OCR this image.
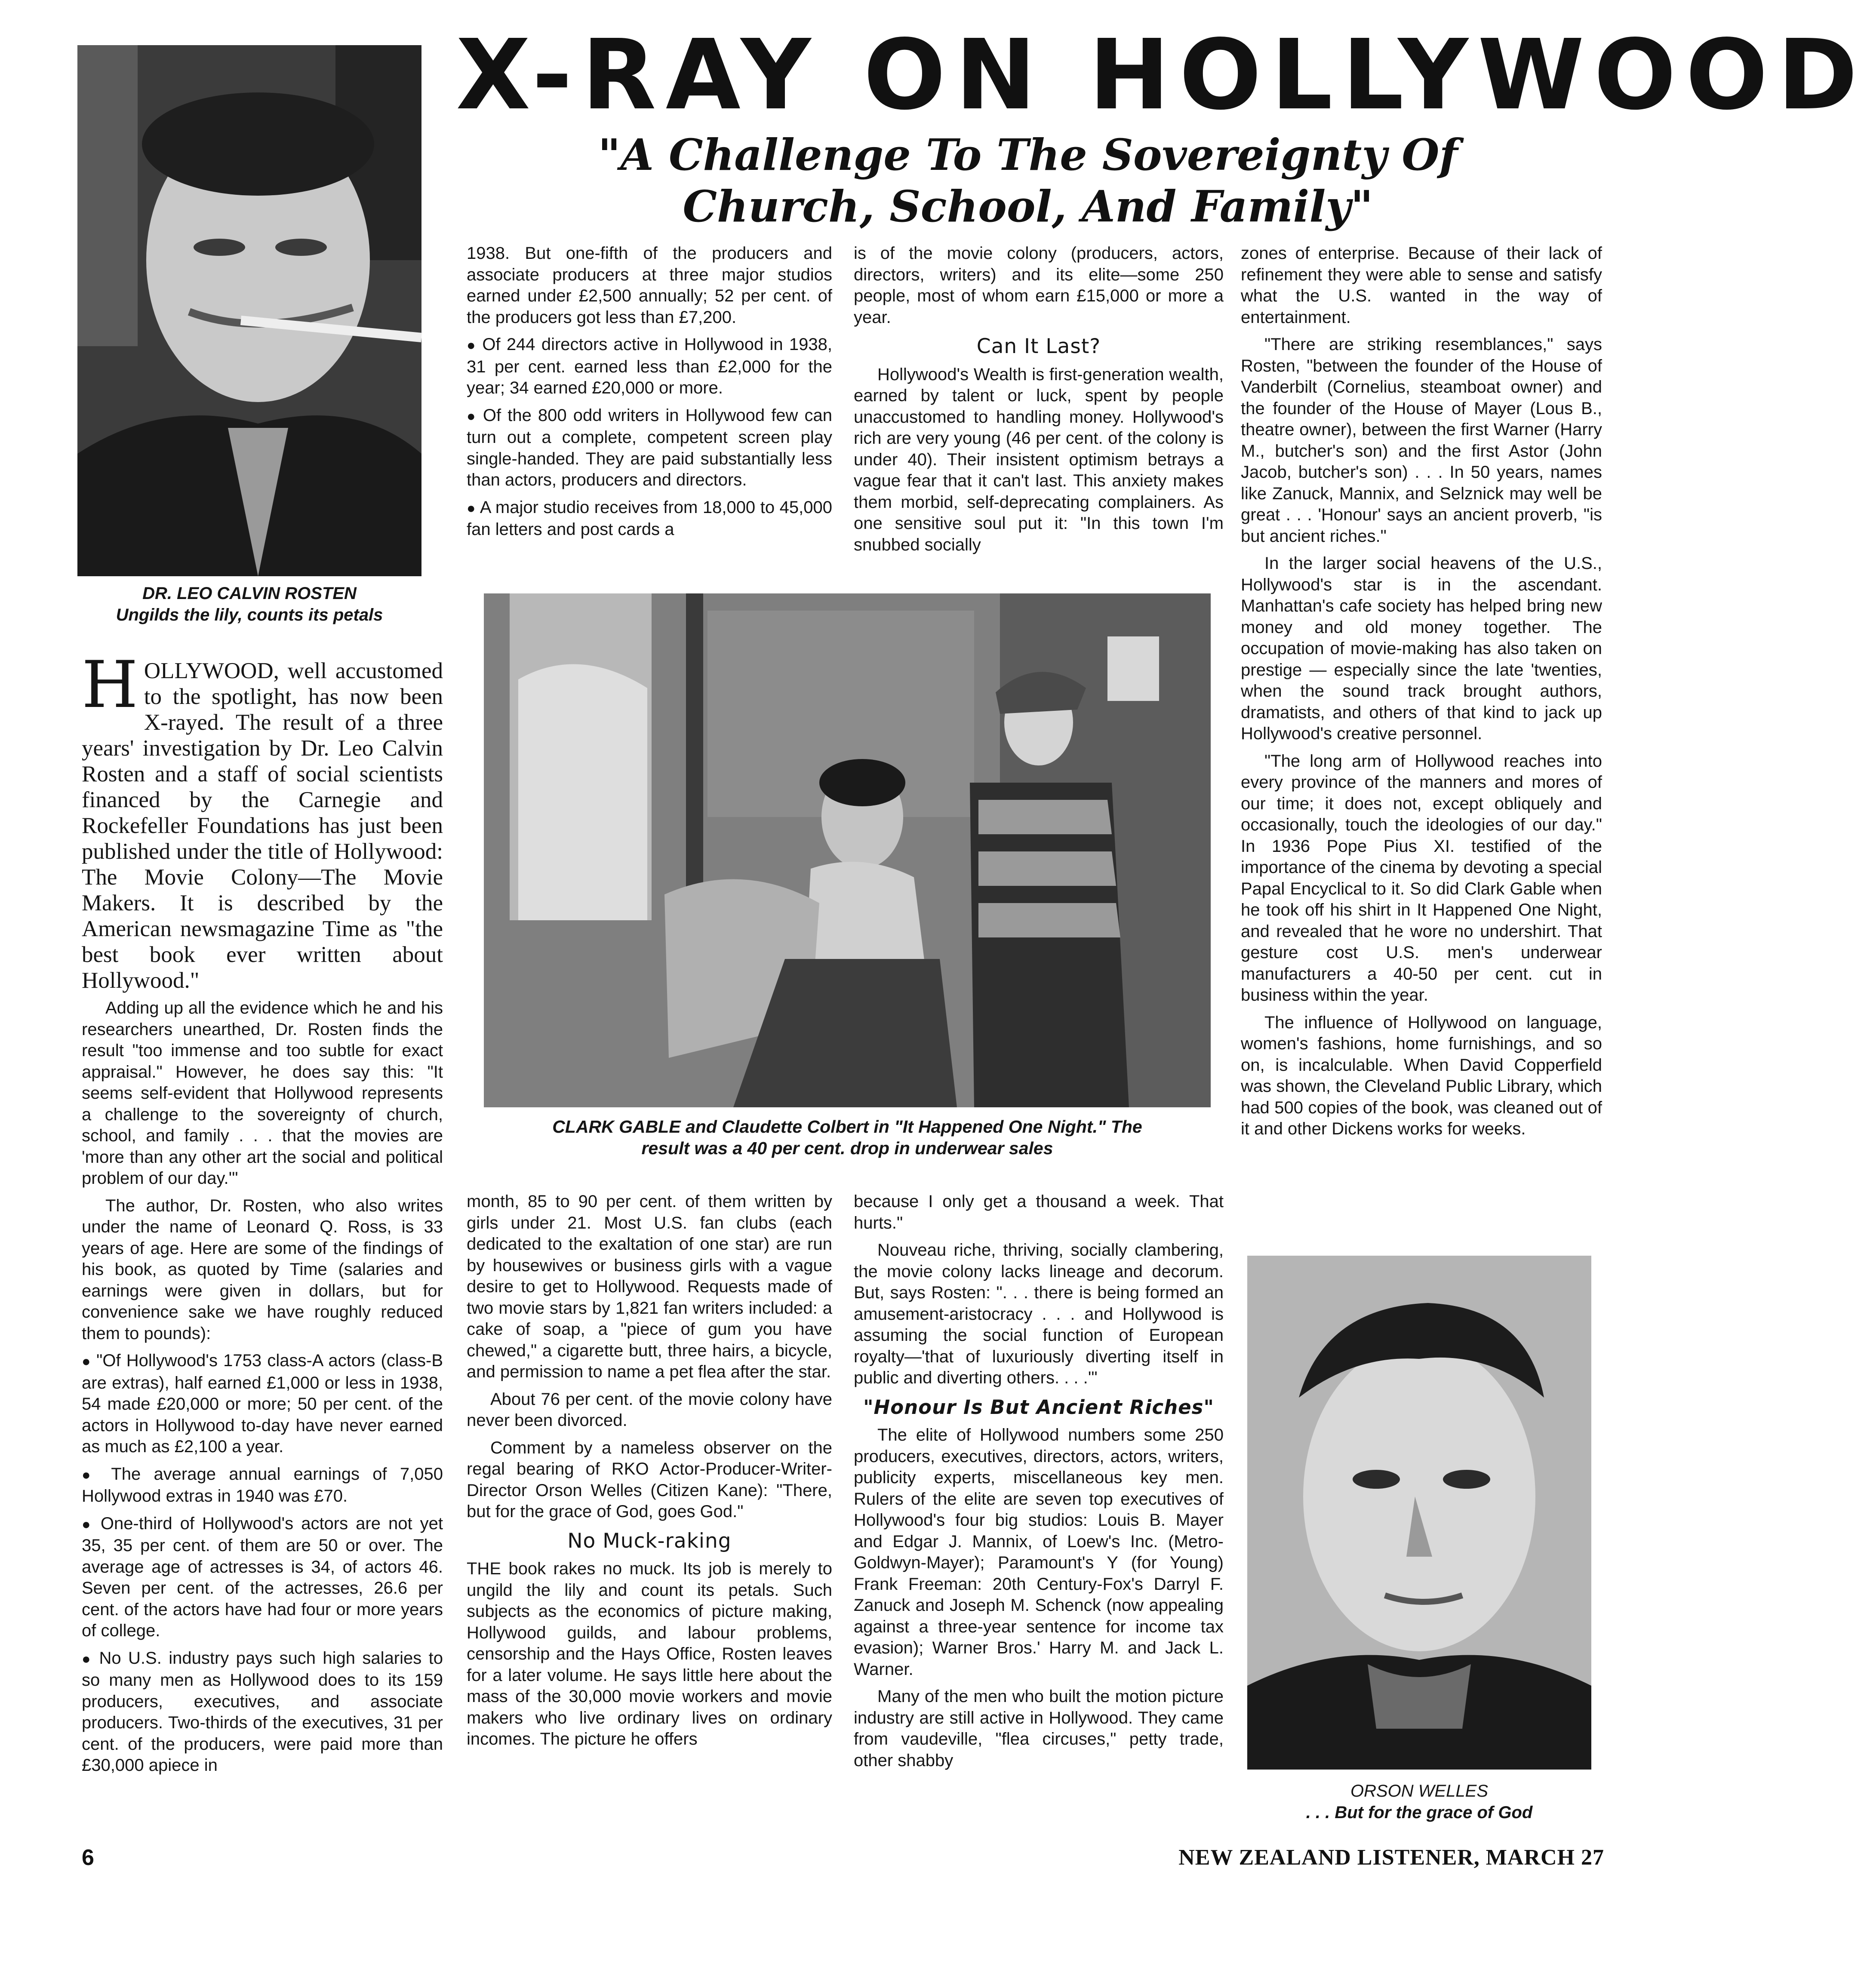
X-RAY ON HOLLYWOOD
"A Challenge To The Sovereignty Of
Church, School, And Family"
DR. LEO CALVIN ROSTEN
Ungilds the lily, counts its petals
H OLLYWOOD, well accustomed to the spotlight, has now been X-rayed. The result of a three years' investigation by Dr. Leo Calvin Rosten and a staff of social scientists financed by the Carnegie and Rockefeller Foundations has just been published under the title of Hollywood: The Movie Colony—The Movie Makers. It is described by the American newsmagazine Time as "the best book ever written about Hollywood."

Adding up all the evidence which he and his researchers unearthed, Dr. Rosten finds the result "too immense and too subtle for exact appraisal." However, he does say this: "It seems self-evident that Hollywood represents a challenge to the sovereignty of church, school, and family . . . that the movies are 'more than any other art the social and political problem of our day.'"

The author, Dr. Rosten, who also writes under the name of Leonard Q. Ross, is 33 years of age. Here are some of the findings of his book, as quoted by Time (salaries and earnings were given in dollars, but for convenience sake we have roughly reduced them to pounds):

● "Of Hollywood's 1753 class-A actors (class-B are extras), half earned £1,000 or less in 1938, 54 made £20,000 or more; 50 per cent. of the actors in Hollywood to-day have never earned as much as £2,100 a year.

● The average annual earnings of 7,050 Hollywood extras in 1940 was £70.

● One-third of Hollywood's actors are not yet 35, 35 per cent. of them are 50 or over. The average age of actresses is 34, of actors 46. Seven per cent. of the actresses, 26.6 per cent. of the actors have had four or more years of college.

● No U.S. industry pays such high salaries to so many men as Hollywood does to its 159 producers, executives, and associate producers. Two-thirds of the executives, 31 per cent. of the producers, were paid more than £30,000 apiece in

1938. But one-fifth of the producers and associate producers at three major studios earned under £2,500 annually; 52 per cent. of the producers got less than £7,200.

● Of 244 directors active in Hollywood in 1938, 31 per cent. earned less than £2,000 for the year; 34 earned £20,000 or more.

● Of the 800 odd writers in Hollywood few can turn out a complete, competent screen play single-handed. They are paid substantially less than actors, producers and directors.

● A major studio receives from 18,000 to 45,000 fan letters and post cards a

is of the movie colony (producers, actors, directors, writers) and its elite—some 250 people, most of whom earn £15,000 or more a year.

Can It Last?

Hollywood's Wealth is first-generation wealth, earned by talent or luck, spent by people unaccustomed to handling money. Hollywood's rich are very young (46 per cent. of the colony is under 40). Their insistent optimism betrays a vague fear that it can't last. This anxiety makes them morbid, self-deprecating complainers. As one sensitive soul put it: "In this town I'm snubbed socially

CLARK GABLE and Claudette Colbert in "It Happened One Night." The
result was a 40 per cent. drop in underwear sales

month, 85 to 90 per cent. of them written by girls under 21. Most U.S. fan clubs (each dedicated to the exaltation of one star) are run by housewives or business girls with a vague desire to get to Hollywood. Requests made of two movie stars by 1,821 fan writers included: a cake of soap, a "piece of gum you have chewed," a cigarette butt, three hairs, a bicycle, and permission to name a pet flea after the star.

About 76 per cent. of the movie colony have never been divorced.

Comment by a nameless observer on the regal bearing of RKO Actor-Producer-Writer-Director Orson Welles (Citizen Kane): "There, but for the grace of God, goes God."

No Muck-raking

THE book rakes no muck. Its job is merely to ungild the lily and count its petals. Such subjects as the economics of picture making, Hollywood guilds, and labour problems, censorship and the Hays Office, Rosten leaves for a later volume. He says little here about the mass of the 30,000 movie workers and movie makers who live ordinary lives on ordinary incomes. The picture he offers

because I only get a thousand a week. That hurts."

Nouveau riche, thriving, socially clambering, the movie colony lacks lineage and decorum. But, says Rosten: ". . . there is being formed an amusement-aristocracy . . . and Hollywood is assuming the social function of European royalty—'that of luxuriously diverting itself in public and diverting others. . . .'"

"Honour Is But Ancient Riches"

The elite of Hollywood numbers some 250 producers, executives, directors, actors, writers, publicity experts, miscellaneous key men. Rulers of the elite are seven top executives of Hollywood's four big studios: Louis B. Mayer and Edgar J. Mannix, of Loew's Inc. (Metro-Goldwyn-Mayer); Paramount's Y (for Young) Frank Freeman: 20th Century-Fox's Darryl F. Zanuck and Joseph M. Schenck (now appealing against a three-year sentence for income tax evasion); Warner Bros.' Harry M. and Jack L. Warner.

Many of the men who built the motion picture industry are still active in Hollywood. They came from vaudeville, "flea circuses," petty trade, other shabby

zones of enterprise. Because of their lack of refinement they were able to sense and satisfy what the U.S. wanted in the way of entertainment.

"There are striking resemblances," says Rosten, "between the founder of the House of Vanderbilt (Cornelius, steamboat owner) and the founder of the House of Mayer (Lous B., theatre owner), between the first Warner (Harry M., butcher's son) and the first Astor (John Jacob, butcher's son) . . . In 50 years, names like Zanuck, Mannix, and Selznick may well be great . . . 'Honour' says an ancient proverb, "is but ancient riches."

In the larger social heavens of the U.S., Hollywood's star is in the ascendant. Manhattan's cafe society has helped bring new money and old money together. The occupation of movie-making has also taken on prestige — especially since the late 'twenties, when the sound track brought authors, dramatists, and others of that kind to jack up Hollywood's creative personnel.

"The long arm of Hollywood reaches into every province of the manners and mores of our time; it does not, except obliquely and occasionally, touch the ideologies of our day." In 1936 Pope Pius XI. testified of the importance of the cinema by devoting a special Papal Encyclical to it. So did Clark Gable when he took off his shirt in It Happened One Night, and revealed that he wore no undershirt. That gesture cost U.S. men's underwear manufacturers a 40-50 per cent. cut in business within the year.

The influence of Hollywood on language, women's fashions, home furnishings, and so on, is incalculable. When David Copperfield was shown, the Cleveland Public Library, which had 500 copies of the book, was cleaned out of it and other Dickens works for weeks.

ORSON WELLES
. . . But for the grace of God
6	NEW ZEALAND LISTENER, MARCH 27
